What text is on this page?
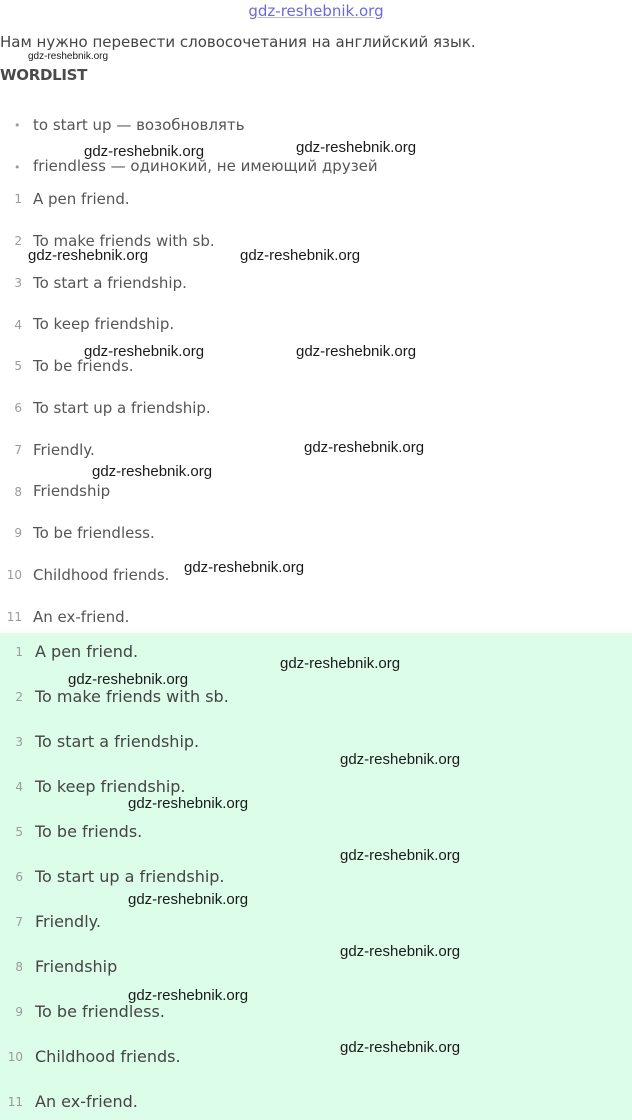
gdz-reshebnik.org
Нам нужно перевести словосочетания на английский язык.
gdz-reshebnik.org
WORDLIST
• to start up — возобновлять
• friendless — одинокий, не имеющий друзей
1 A pen friend.
2 To make friends with sb.
3 To start a friendship.
4 To keep friendship.
5 To be friends.
6 To start up a friendship.
7 Friendly.
8 Friendship
9 To be friendless.
10 Childhood friends.
11 An ex-friend.
1 A pen friend.
2 To make friends with sb.
3 To start a friendship.
4 To keep friendship.
5 To be friends.
6 To start up a friendship.
7 Friendly.
8 Friendship
9 To be friendless.
10 Childhood friends.
11 An ex-friend.
gdz-reshebnik.org	gdz-reshebnik.org
gdz-reshebnik.org	gdz-reshebnik.org
gdz-reshebnik.org	gdz-reshebnik.org
gdz-reshebnik.org
gdz-reshebnik.org
gdz-reshebnik.org
gdz-reshebnik.org
gdz-reshebnik.org
gdz-reshebnik.org
gdz-reshebnik.org
gdz-reshebnik.org
gdz-reshebnik.org
gdz-reshebnik.org
gdz-reshebnik.org
gdz-reshebnik.org
